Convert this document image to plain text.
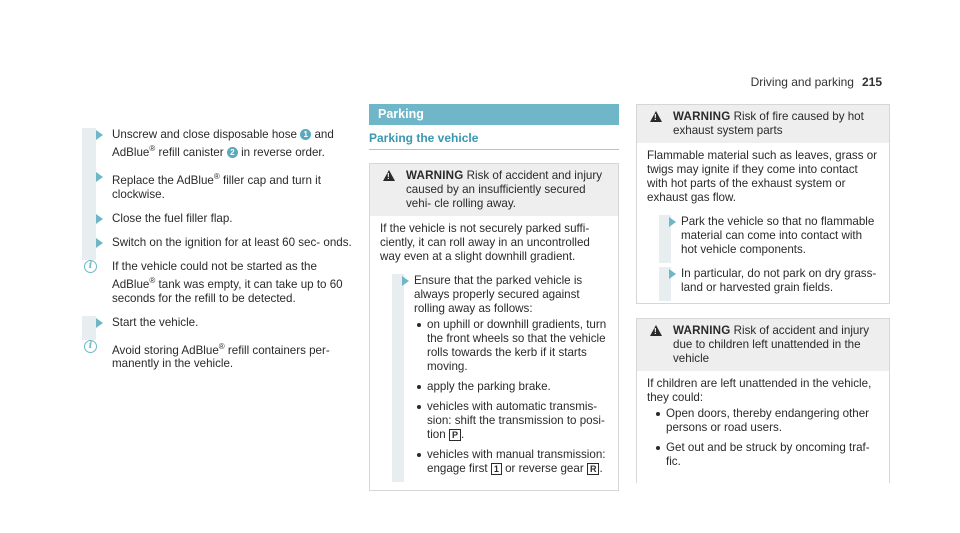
Driving and parking 215
Unscrew and close disposable hose 1 and AdBlue® refill canister 2 in reverse order.
Replace the AdBlue® filler cap and turn it clockwise.
Close the fuel filler flap.
Switch on the ignition for at least 60 sec- onds.
i	If the vehicle could not be started as the AdBlue® tank was empty, it can take up to 60 seconds for the refill to be detected.
Start the vehicle.
i	Avoid storing AdBlue® refill containers per- manently in the vehicle.
Parking
Parking the vehicle
!
WARNING Risk of accident and injury caused by an insufficiently secured vehi- cle rolling away.
If the vehicle is not securely parked suffi- ciently, it can roll away in an uncontrolled way even at a slight downhill gradient.
Ensure that the parked vehicle is always properly secured against rolling away as follows:
on uphill or downhill gradients, turn the front wheels so that the vehicle rolls towards the kerb if it starts moving.
apply the parking brake.
vehicles with automatic transmis- sion: shift the transmission to posi- tion P .
vehicles with manual transmission: engage first 1 or reverse gear R .
!
WARNING Risk of fire caused by hot exhaust system parts
Flammable material such as leaves, grass or twigs may ignite if they come into contact with hot parts of the exhaust system or exhaust gas flow.
Park the vehicle so that no flammable material can come into contact with hot vehicle components.
In particular, do not park on dry grass- land or harvested grain fields.
!
WARNING Risk of accident and injury due to children left unattended in the vehicle
If children are left unattended in the vehicle, they could:
Open doors, thereby endangering other persons or road users.
Get out and be struck by oncoming traf- fic.
